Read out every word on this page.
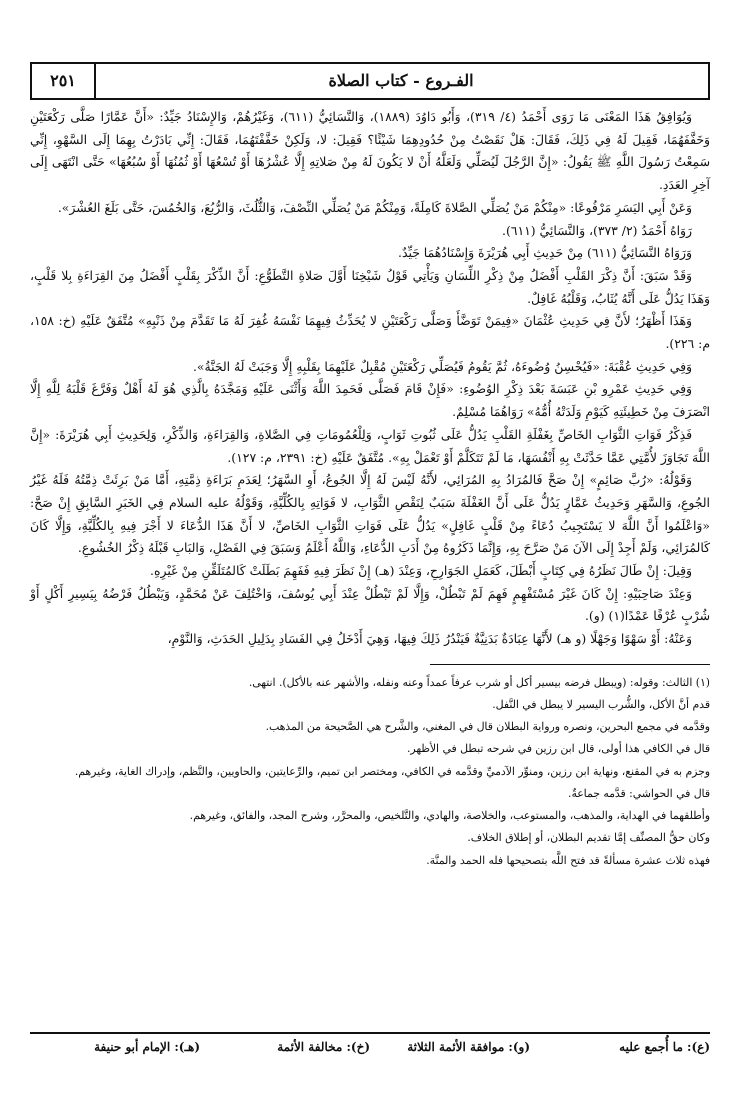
الفـروع - كتاب الصلاة
٢٥١

وَيُوَافِقُ هَذَا المَعْنَى مَا رَوَى أَحْمَدُ (٤/ ٣١٩)، وَأَبُو دَاوُدَ (١٨٨٩)، وَالنَّسَائِيُّ (٦١١)، وَغَيْرُهُمْ، وَالإِسْنَادُ جَيِّدٌ: «أَنَّ عَمَّارًا صَلَّى رَكْعَتَيْنِ وَخَفَّفَهُمَا، فَقِيلَ لَهُ فِي ذَلِكَ، فَقَالَ: هَلْ نَقَصْتُ مِنْ حُدُودِهِمَا شَيْئًا؟ فَقِيلَ: لا، وَلَكِنْ خَفَّفْتَهُمَا، فَقَالَ: إِنِّي بَادَرْتُ بِهِمَا إِلَى السَّهْوِ، إِنِّي سَمِعْتُ رَسُولَ اللَّهِ ﷺ يَقُولُ: «إِنَّ الرَّجُلَ لَيُصَلِّي وَلَعَلَّهُ أَنْ لا يَكُونَ لَهُ مِنْ صَلاتِهِ إِلَّا عُشْرُهَا أَوْ تُسْعُهَا أَوْ ثُمُنُهَا أَوْ سُبُعُهَا» حَتَّى انْتَهَى إِلَى آخِرِ العَدَدِ.

وَعَنْ أَبِي اليَسَرِ مَرْفُوعًا: «مِنْكُمْ مَنْ يُصَلِّي الصَّلاةَ كَامِلَةً، وَمِنْكُمْ مَنْ يُصَلِّي النِّصْفَ، وَالثُّلُثَ، وَالرُّبُعَ، وَالخُمُسَ، حَتَّى بَلَغَ العُشْرَ».

رَوَاهُ أَحْمَدُ (٢/ ٣٧٣)، وَالنَّسَائِيُّ (٦١١).

وَرَوَاهُ النَّسَائِيُّ (٦١١) مِنْ حَدِيثِ أَبِي هُرَيْرَةَ وَإِسْنَادُهُمَا جَيِّدٌ.

وَقَدْ سَبَقَ: أَنَّ ذِكْرَ القَلْبِ أَفْضَلُ مِنْ ذِكْرِ اللِّسَانِ وَيَأْتِي قَوْلُ شَيْخِنَا أَوَّلَ صَلاةِ التَّطَوُّعِ: أَنَّ الذِّكْرَ بِقَلْبٍ أَفْضَلُ مِنَ القِرَاءَةِ بِلا قَلْبٍ، وَهَذَا يَدُلُّ عَلَى أَنَّهُ يُثَابُ، وَقَلْبُهُ غَافِلٌ.

وَهَذَا أَظْهَرُ؛ لأَنَّ فِي حَدِيثِ عُثْمَانَ «فِيمَنْ تَوَضَّأَ وَصَلَّى رَكْعَتَيْنِ لا يُحَدِّثُ فِيهِمَا نَفْسَهُ غُفِرَ لَهُ مَا تَقَدَّمَ مِنْ ذَنْبِهِ» مُتَّفَقٌ عَلَيْهِ (خ: ١٥٨، م: ٢٢٦).

وَفِي حَدِيثِ عُقْبَةَ: «فَيُحْسِنُ وُضُوءَهُ، ثُمَّ يَقُومُ فَيُصَلِّي رَكْعَتَيْنِ مُقْبِلٌ عَلَيْهِمَا بِقَلْبِهِ إِلَّا وَجَبَتْ لَهُ الجَنَّةُ».

وَفِي حَدِيثِ عَمْرِو بْنِ عَبَسَةَ بَعْدَ ذِكْرِ الوُضُوءِ: «فَإِنْ قَامَ فَصَلَّى فَحَمِدَ اللَّهَ وَأَثْنَى عَلَيْهِ وَمَجَّدَهُ بِالَّذِي هُوَ لَهُ أَهْلٌ وَفَرَّغَ قَلْبَهُ لِلَّهِ إِلَّا انْصَرَفَ مِنْ خَطِيئَتِهِ كَيَوْمِ وَلَدَتْهُ أُمُّهُ» رَوَاهُمَا مُسْلِمٌ.

فَذِكْرُ فَوَاتِ الثَّوَابِ الخَاصِّ بِغَفْلَةِ القَلْبِ يَدُلُّ عَلَى ثُبُوتِ ثَوَابٍ، وَلِلْعُمُومَاتِ فِي الصَّلاةِ، وَالقِرَاءَةِ، وَالذِّكْرِ، وَلِحَدِيثِ أَبِي هُرَيْرَةَ: «إِنَّ اللَّهَ تَجَاوَزَ لأُمَّتِي عَمَّا حَدَّثَتْ بِهِ أَنْفُسَهَا، مَا لَمْ تَتَكَلَّمْ أَوْ تَعْمَلْ بِهِ». مُتَّفَقٌ عَلَيْهِ (خ: ٢٣٩١، م: ١٢٧).

وَقَوْلُهُ: «رُبَّ صَائِمٍ» إِنْ صَحَّ فَالمُرَادُ بِهِ المُرَائِي، لأَنَّهُ لَيْسَ لَهُ إِلَّا الجُوعُ، أَوِ السَّهَرُ؛ لِعَدَمِ بَرَاءَةِ ذِمَّتِهِ، أَمَّا مَنْ بَرِئَتْ ذِمَّتُهُ فَلَهُ غَيْرُ الجُوعِ، وَالسَّهَرِ وَحَدِيثُ عَمَّارٍ يَدُلُّ عَلَى أَنَّ الغَفْلَةَ سَبَبٌ لِنَقْصِ الثَّوَابِ، لا فَوَاتِهِ بِالكُلِّيَّةِ، وَقَوْلُهُ عليه السلام فِي الخَبَرِ السَّابِقِ إِنْ صَحَّ: «وَاعْلَمُوا أَنَّ اللَّهَ لا يَسْتَجِيبُ دُعَاءً مِنْ قَلْبٍ غَافِلٍ» يَدُلُّ عَلَى فَوَاتِ الثَّوَابِ الخَاصِّ، لا أَنَّ هَذَا الدُّعَاءَ لا أَجْرَ فِيهِ بِالكُلِّيَّةِ، وَإِلَّا كَانَ كَالمُرَائِي، وَلَمْ أَجِدْ إِلَى الآنَ مَنْ صَرَّحَ بِهِ، وَإِنَّمَا ذَكَرُوهُ مِنْ أَدَبِ الدُّعَاءِ، وَاللَّهُ أَعْلَمُ وَسَبَقَ فِي الفَصْلِ، وَالبَابِ قَبْلَهُ ذِكْرُ الخُشُوعِ.

وَقِيلَ: إِنْ طَالَ نَظَرُهُ فِي كِتَابٍ أَبْطَلَ، كَعَمَلِ الجَوَارِحِ، وَعِنْدَ (هـ) إِنْ نَظَرَ فِيهِ فَفَهِمَ بَطَلَتْ كَالمُتَلَقِّنِ مِنْ غَيْرِهِ.

وَعِنْدَ صَاحِبَيْهِ: إِنْ كَانَ غَيْرَ مُسْتَفْهِمٍ فَهِمَ لَمْ تَبْطُلْ، وَإِلَّا لَمْ تَبْطُلْ عِنْدَ أَبِي يُوسُفَ، وَاخْتُلِفَ عَنْ مُحَمَّدٍ، وَيَبْطُلُ فَرْضُهُ بِيَسِيرِ أَكْلٍ أَوْ شُرْبٍ عُرْفًا عَمْدًا(١) (و).

وَعَنْهُ: أَوْ سَهْوًا وَجَهْلًا (و هـ) لأَنَّهَا عِبَادَةٌ بَدَنِيَّةٌ فَيَنْدُرُ ذَلِكَ فِيهَا، وَهِيَ أَدْخَلُ فِي الفَسَادِ بِدَلِيلِ الحَدَثِ، وَالنَّوْمِ،

(١) الثالث: وقوله: (ويبطل فرضه بيسير أكل أو شرب عرفاً عمداً وعنه ونفله، والأشهر عنه بالأكل). انتهى.

قدم أنَّ الأكل، والشُّرب اليسير لا يبطل في النَّفل.

وقدَّمه في مجمع البحرين، ونصره ورواية البطلان قال في المغني، والشَّرح هي الصَّحيحة من المذهب.

قال في الكافي هذا أولى، قال ابن رزين في شرحه تبطل في الأظهر.

وجزم به في المقنع، ونهاية ابن رزين، ومنوِّر الآدميِّ وقدَّمه في الكافي، ومختصر ابن تميم، والرِّعايتين، والحاويين، والنَّظم، وإدراك الغاية، وغيرهم.

قال في الحواشي: قدَّمه جماعةٌ.

وأطلقهما في الهداية، والمذهب، والمستوعب، والخلاصة، والهادي، والتَّلخيص، والمحرَّر، وشرح المجد، والفائق، وغيرهم.

وكان حقُّ المصنِّف إمَّا تقديم البطلان، أو إطلاق الخلاف.

فهذه ثلاث عشرة مسألةً قد فتح اللَّه بتصحيحها فله الحمد والمنَّة.

(ع): ما أُجمع عليه
(و): موافقة الأئمة الثلاثة
(خ): مخالفة الأئمة
(هـ): الإمام أبو حنيفة
